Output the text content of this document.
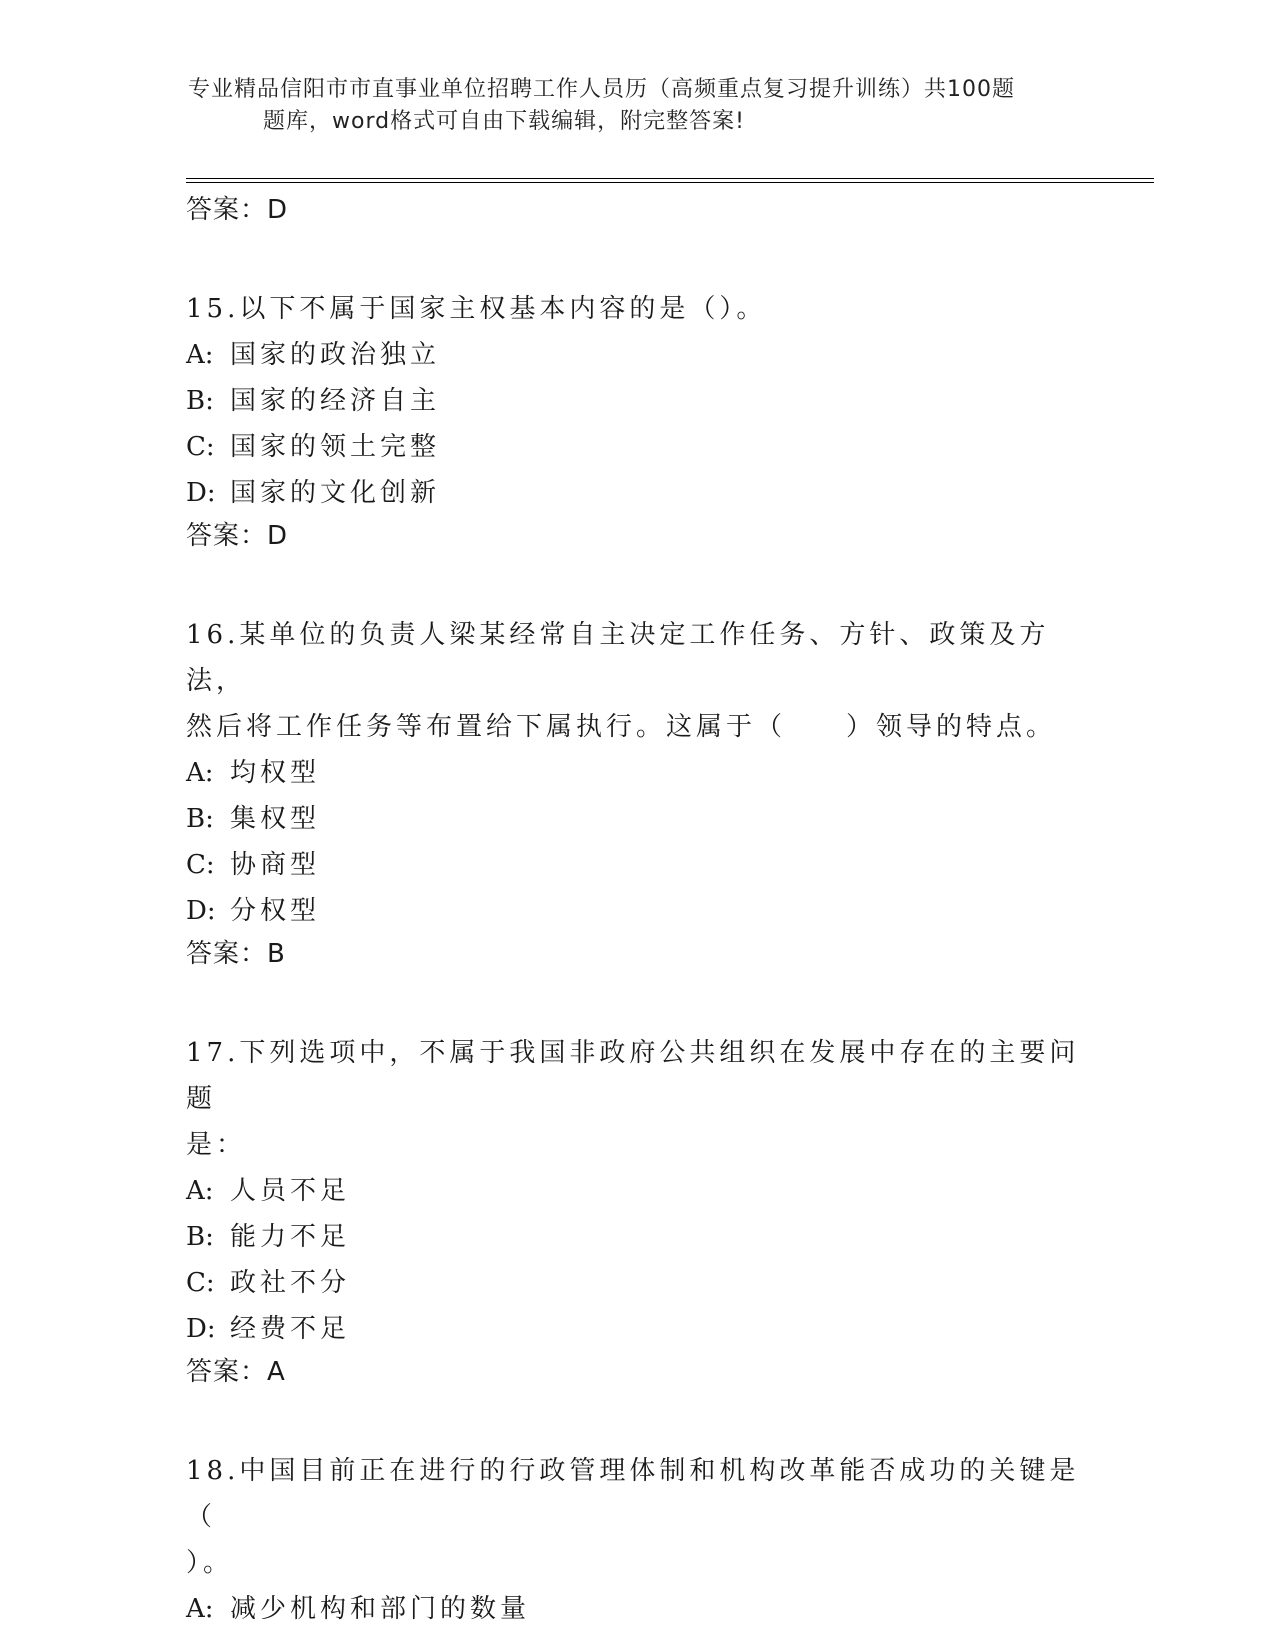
专业精品信阳市市直事业单位招聘工作人员历（高频重点复习提升训练）共100题
题库，word格式可自由下载编辑，附完整答案!
答案：D

15.以下不属于国家主权基本内容的是（）。

A: 国家的政治独立
B: 国家的经济自主
C: 国家的领土完整
D: 国家的文化创新
答案：D

16.某单位的负责人梁某经常自主决定工作任务、方针、政策及方法，

然后将工作任务等布置给下属执行。这属于（　　）领导的特点。

A: 均权型
B: 集权型
C: 协商型
D: 分权型
答案：B

17.下列选项中，不属于我国非政府公共组织在发展中存在的主要问题

是：

A: 人员不足
B: 能力不足
C: 政社不分
D: 经费不足
答案：A

18.中国目前正在进行的行政管理体制和机构改革能否成功的关键是（

）。

A: 减少机构和部门的数量
